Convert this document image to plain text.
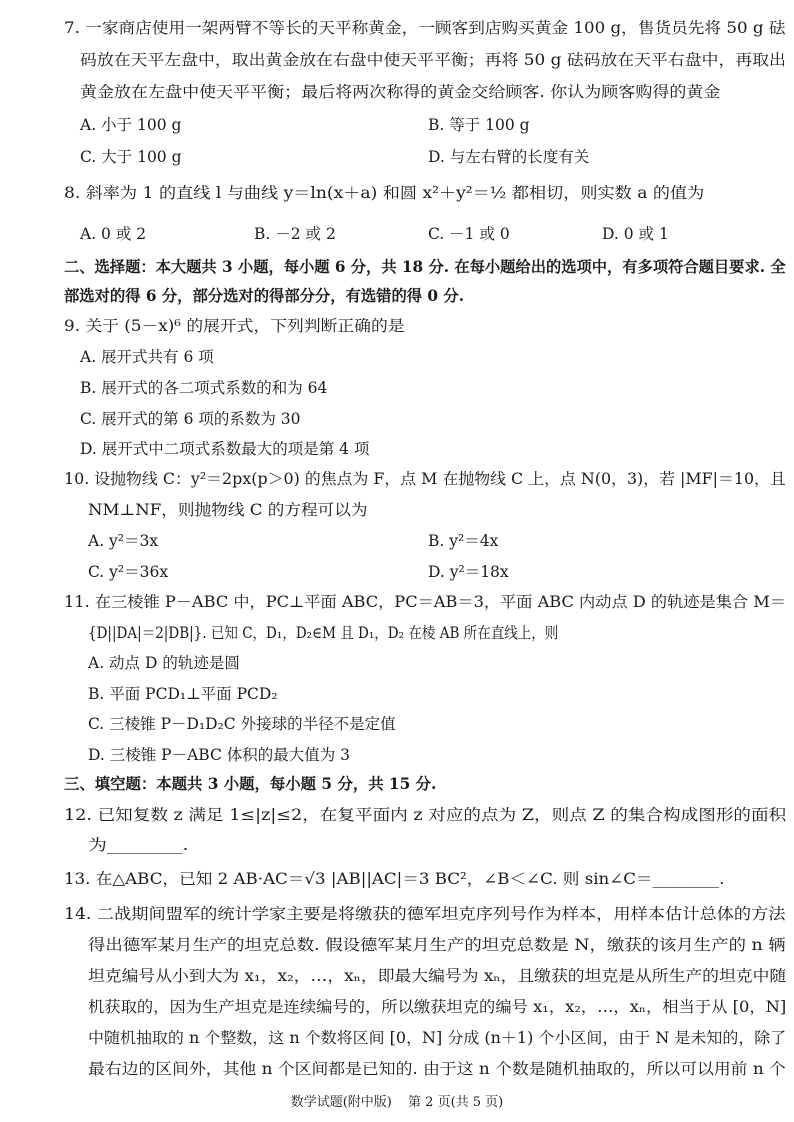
7. 一家商店使用一架两臂不等长的天平称黄金，一顾客到店购买黄金 100 g，售货员先将 50 g 砝
码放在天平左盘中，取出黄金放在右盘中使天平平衡；再将 50 g 砝码放在天平右盘中，再取出
黄金放在左盘中使天平平衡；最后将两次称得的黄金交给顾客. 你认为顾客购得的黄金
A. 小于 100 g	B. 等于 100 g
C. 大于 100 g	D. 与左右臂的长度有关
8. 斜率为 1 的直线 l 与曲线 y＝ln(x＋a) 和圆 x²＋y²＝½ 都相切，则实数 a 的值为
A. 0 或 2	B. －2 或 2	C. －1 或 0	D. 0 或 1
二、选择题：本大题共 3 小题，每小题 6 分，共 18 分. 在每小题给出的选项中，有多项符合题目要求. 全
部选对的得 6 分，部分选对的得部分分，有选错的得 0 分.
9. 关于 (5－x)⁶ 的展开式，下列判断正确的是
A. 展开式共有 6 项
B. 展开式的各二项式系数的和为 64
C. 展开式的第 6 项的系数为 30
D. 展开式中二项式系数最大的项是第 4 项
10. 设抛物线 C：y²＝2px(p＞0) 的焦点为 F，点 M 在抛物线 C 上，点 N(0，3)，若 |MF|＝10，且
NM⊥NF，则抛物线 C 的方程可以为
A. y²＝3x	B. y²＝4x
C. y²＝36x	D. y²＝18x
11. 在三棱锥 P－ABC 中，PC⊥平面 ABC，PC＝AB＝3，平面 ABC 内动点 D 的轨迹是集合 M＝
{D||DA|＝2|DB|}. 已知 C，D₁，D₂∈M 且 D₁，D₂ 在棱 AB 所在直线上，则
A. 动点 D 的轨迹是圆
B. 平面 PCD₁⊥平面 PCD₂
C. 三棱锥 P－D₁D₂C 外接球的半径不是定值
D. 三棱锥 P－ABC 体积的最大值为 3
三、填空题：本题共 3 小题，每小题 5 分，共 15 分.
12. 已知复数 z 满足 1≤|z|≤2，在复平面内 z 对应的点为 Z，则点 Z 的集合构成图形的面积
为________.
13. 在△ABC，已知 2 AB·AC＝√3 |AB||AC|＝3 BC²，∠B＜∠C. 则 sin∠C＝________.
14. 二战期间盟军的统计学家主要是将缴获的德军坦克序列号作为样本，用样本估计总体的方法
得出德军某月生产的坦克总数. 假设德军某月生产的坦克总数是 N，缴获的该月生产的 n 辆
坦克编号从小到大为 x₁，x₂，…，xₙ，即最大编号为 xₙ，且缴获的坦克是从所生产的坦克中随
机获取的，因为生产坦克是连续编号的，所以缴获坦克的编号 x₁，x₂，…，xₙ，相当于从 [0，N]
中随机抽取的 n 个整数，这 n 个数将区间 [0，N] 分成 (n＋1) 个小区间，由于 N 是未知的，除了
最右边的区间外，其他 n 个区间都是已知的. 由于这 n 个数是随机抽取的，所以可以用前 n 个
数学试题(附中版) 第 2 页(共 5 页)
